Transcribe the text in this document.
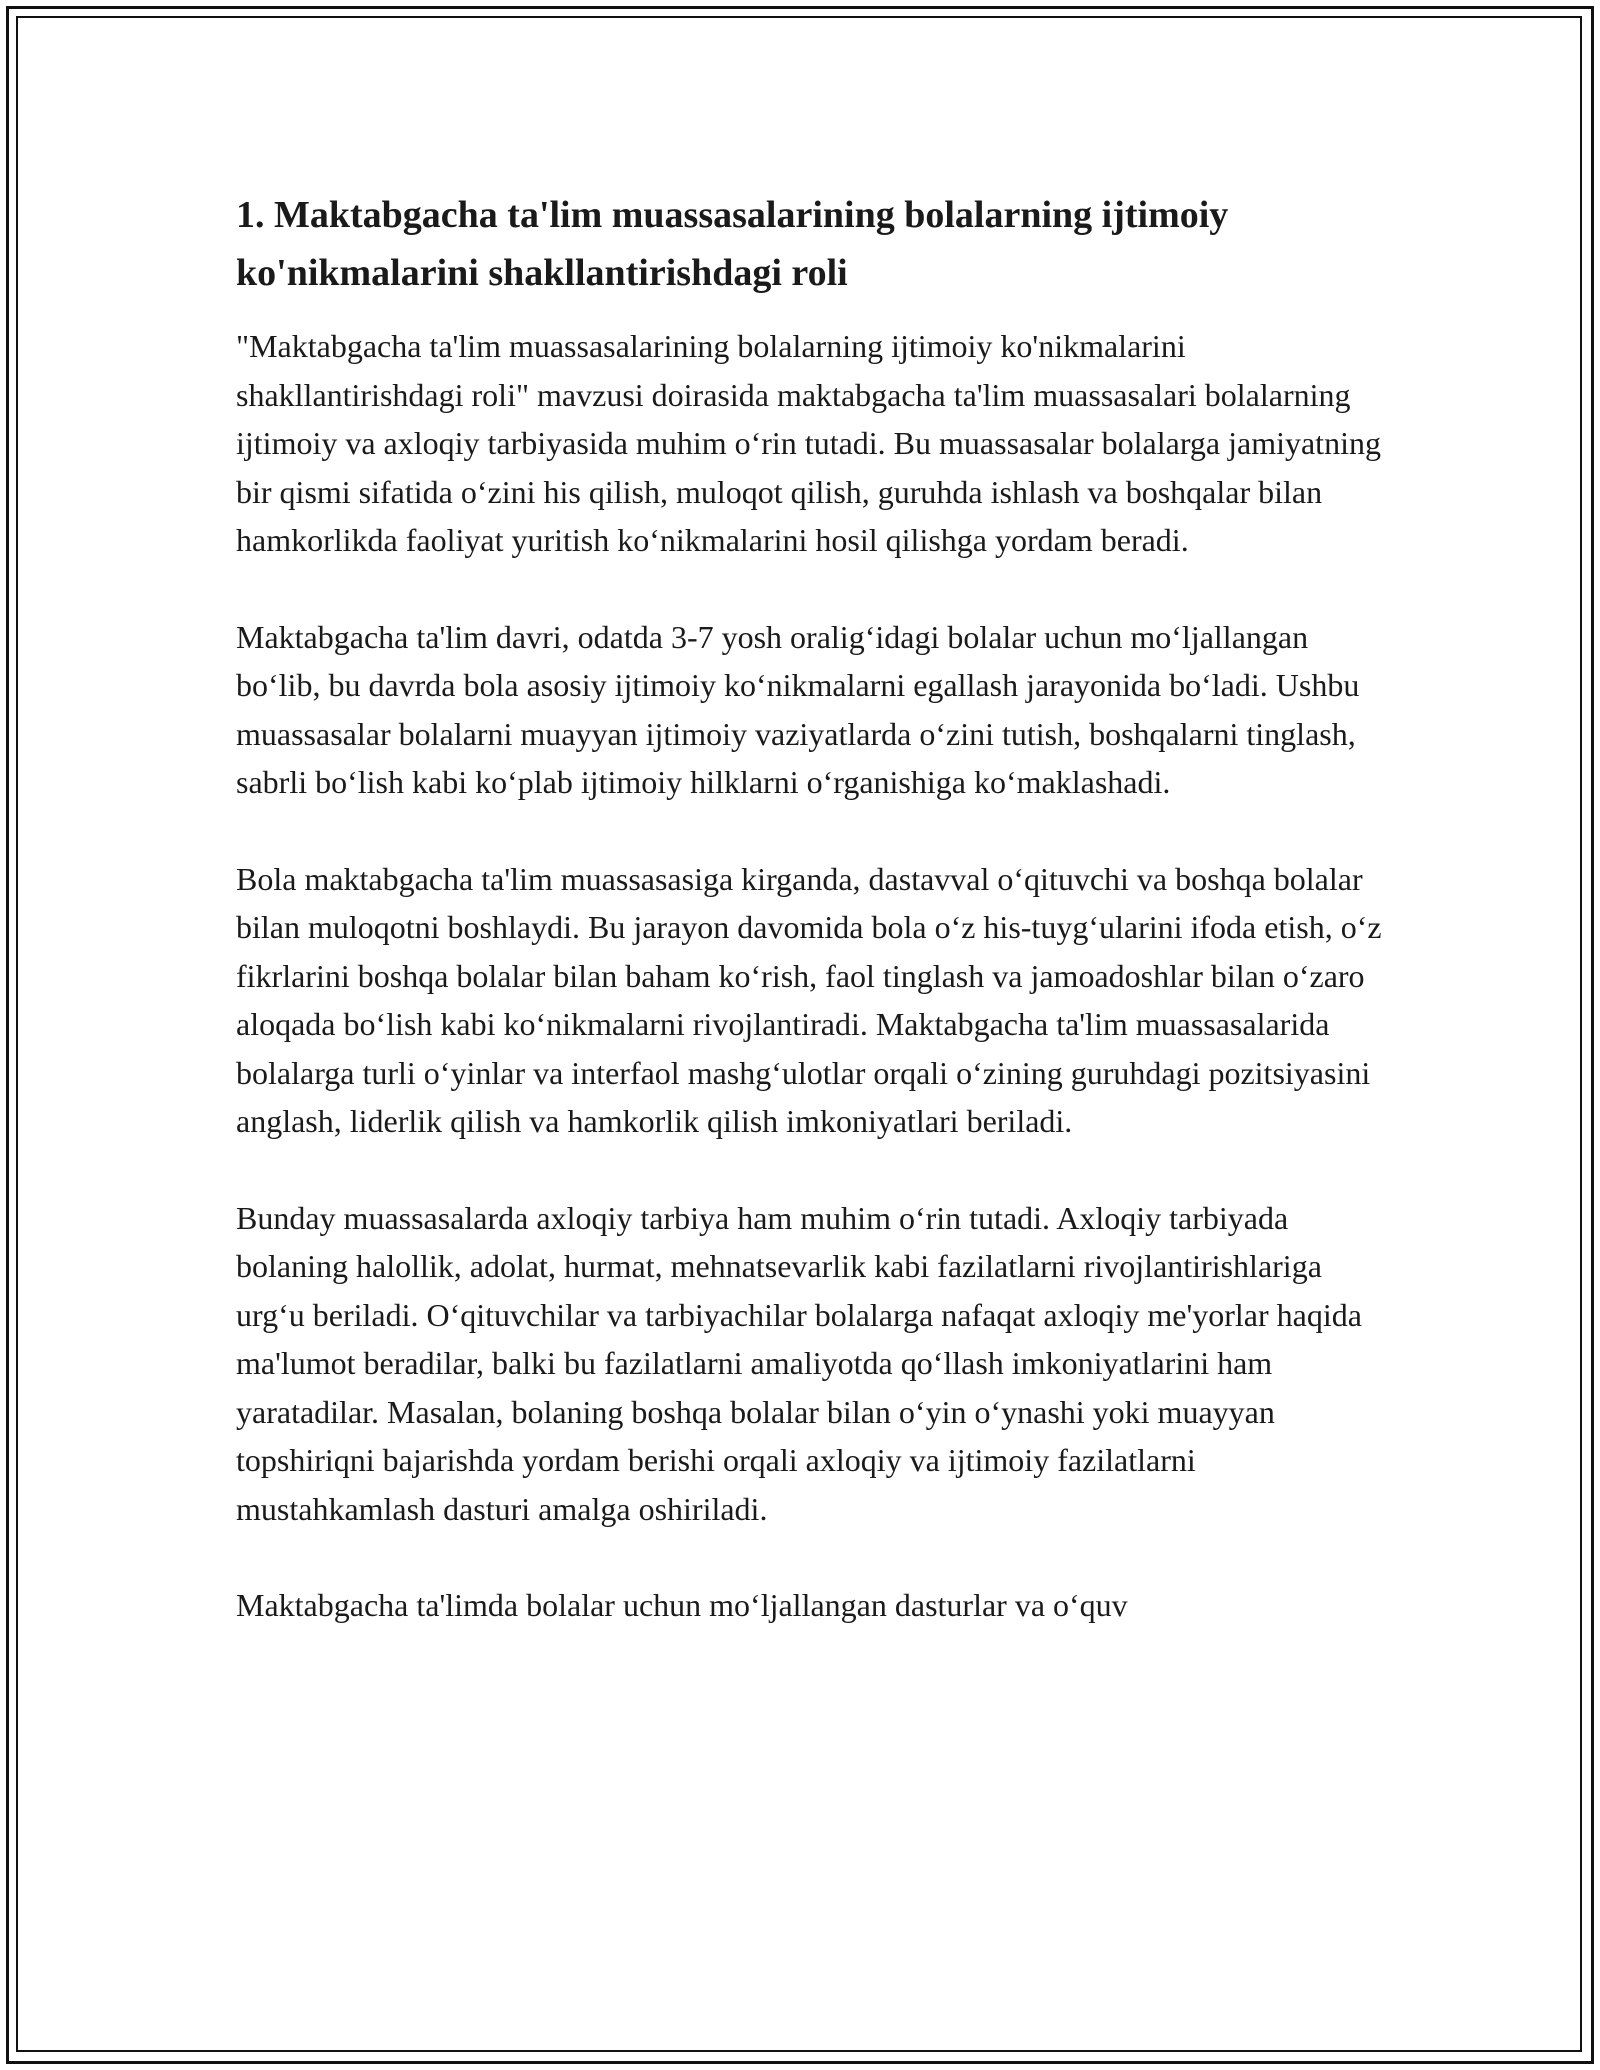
1. Maktabgacha ta'lim muassasalarining bolalarning ijtimoiy ko'nikmalarini shakllantirishdagi roli

"Maktabgacha ta'lim muassasalarining bolalarning ijtimoiy ko'nikmalarini shakllantirishdagi roli" mavzusi doirasida maktabgacha ta'lim muassasalari bolalarning ijtimoiy va axloqiy tarbiyasida muhim oʻrin tutadi. Bu muassasalar bolalarga jamiyatning bir qismi sifatida oʻzini his qilish, muloqot qilish, guruhda ishlash va boshqalar bilan hamkorlikda faoliyat yuritish koʻnikmalarini hosil qilishga yordam beradi.

Maktabgacha ta'lim davri, odatda 3-7 yosh oraligʻidagi bolalar uchun moʻljallangan boʻlib, bu davrda bola asosiy ijtimoiy koʻnikmalarni egallash jarayonida boʻladi. Ushbu muassasalar bolalarni muayyan ijtimoiy vaziyatlarda oʻzini tutish, boshqalarni tinglash, sabrli boʻlish kabi koʻplab ijtimoiy hilklarni oʻrganishiga koʻmaklashadi.

Bola maktabgacha ta'lim muassasasiga kirganda, dastavval oʻqituvchi va boshqa bolalar bilan muloqotni boshlaydi. Bu jarayon davomida bola oʻz his-tuygʻularini ifoda etish, oʻz fikrlarini boshqa bolalar bilan baham koʻrish, faol tinglash va jamoadoshlar bilan oʻzaro aloqada boʻlish kabi koʻnikmalarni rivojlantiradi. Maktabgacha ta'lim muassasalarida bolalarga turli oʻyinlar va interfaol mashgʻulotlar orqali oʻzining guruhdagi pozitsiyasini anglash, liderlik qilish va hamkorlik qilish imkoniyatlari beriladi.

Bunday muassasalarda axloqiy tarbiya ham muhim oʻrin tutadi. Axloqiy tarbiyada bolaning halollik, adolat, hurmat, mehnatsevarlik kabi fazilatlarni rivojlantirishlariga urgʻu beriladi. Oʻqituvchilar va tarbiyachilar bolalarga nafaqat axloqiy me'yorlar haqida ma'lumot beradilar, balki bu fazilatlarni amaliyotda qoʻllash imkoniyatlarini ham yaratadilar. Masalan, bolaning boshqa bolalar bilan oʻyin oʻynashi yoki muayyan topshiriqni bajarishda yordam berishi orqali axloqiy va ijtimoiy fazilatlarni mustahkamlash dasturi amalga oshiriladi.

Maktabgacha ta'limda bolalar uchun moʻljallangan dasturlar va oʻquv
